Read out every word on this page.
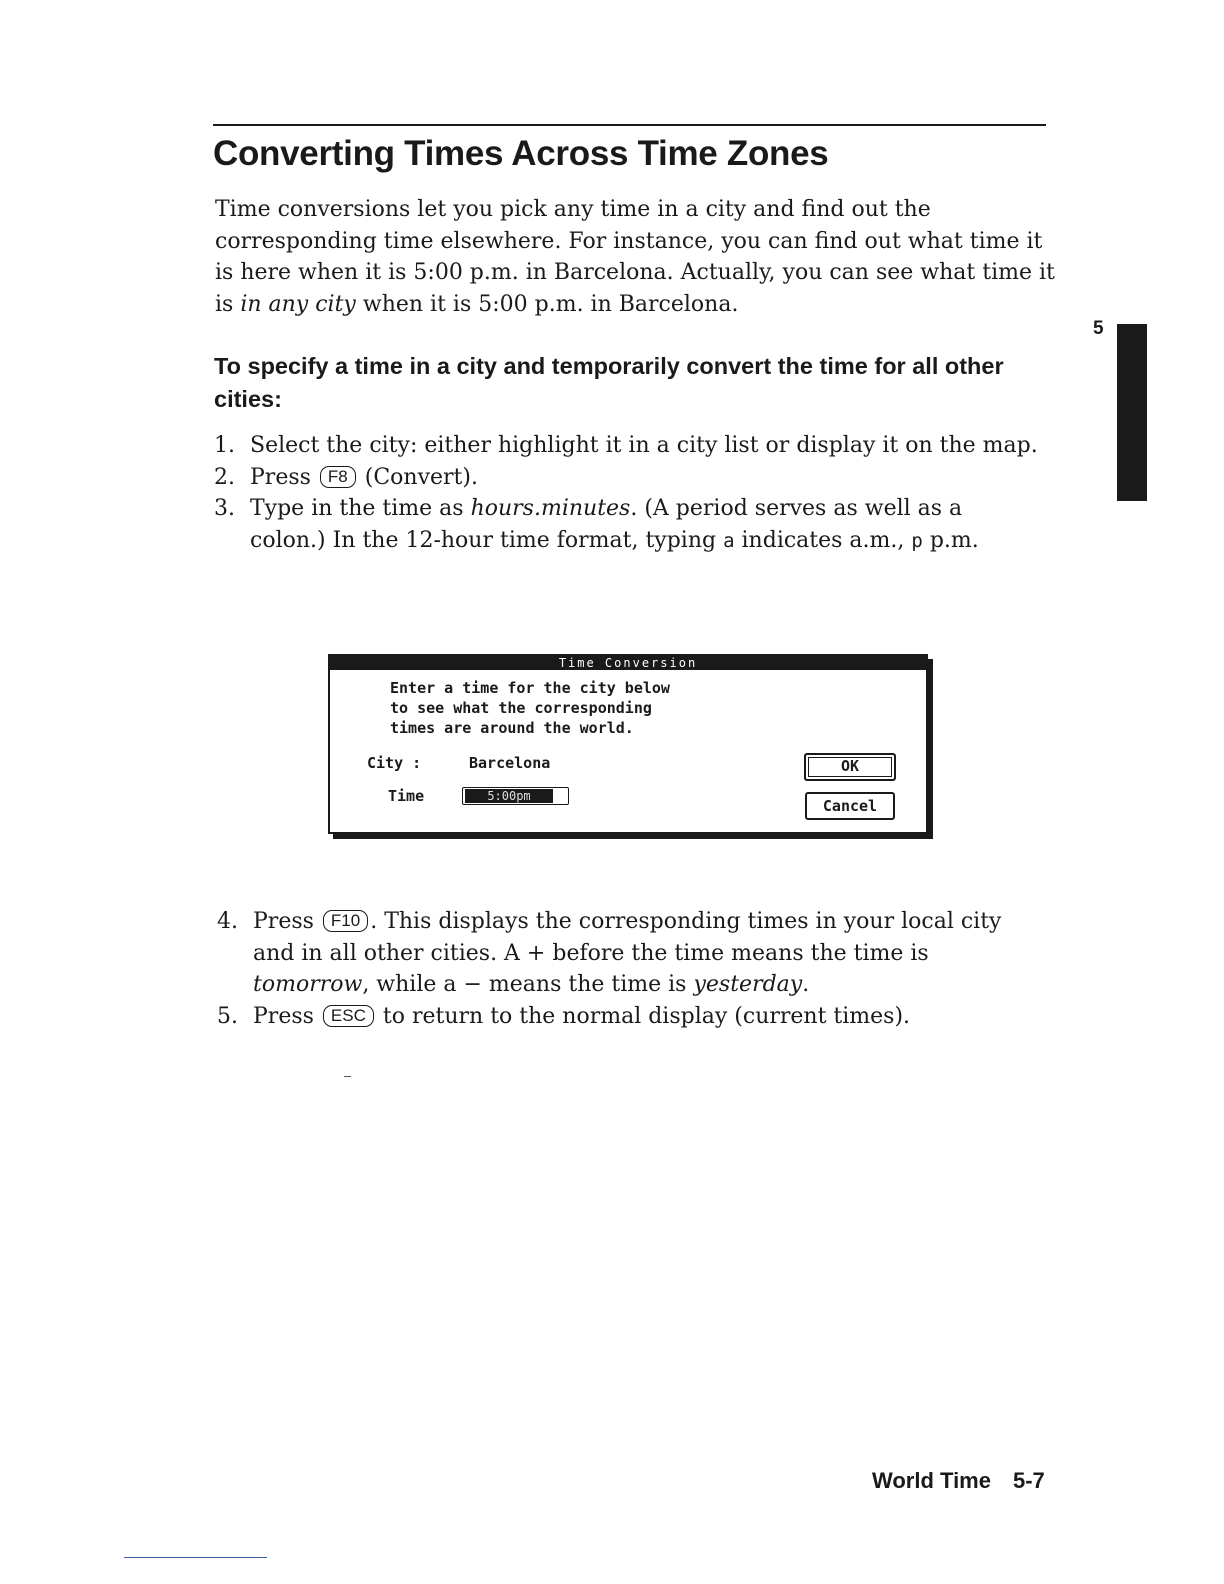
Converting Times Across Time Zones

Time conversions let you pick any time in a city and find out the corresponding time elsewhere. For instance, you can find out what time it is here when it is 5:00 p.m. in Barcelona. Actually, you can see what time it is in any city when it is 5:00 p.m. in Barcelona.

To specify a time in a city and temporarily convert the time for all other cities:
1. Select the city: either highlight it in a city list or display it on the map.
2. Press F8 (Convert).
3. Type in the time as hours.minutes. (A period serves as well as a colon.) In the 12-hour time format, typing a indicates a.m., p p.m.
Time Conversion
Enter a time for the city below
to see what the corresponding
times are around the world.
City :	Barcelona
Time	5:00pm
OK
Cancel
4. Press F10 . This displays the corresponding times in your local city and in all other cities. A + before the time means the time is tomorrow, while a − means the time is yesterday.
5. Press ESC to return to the normal display (current times).
5
World Time 5-7
